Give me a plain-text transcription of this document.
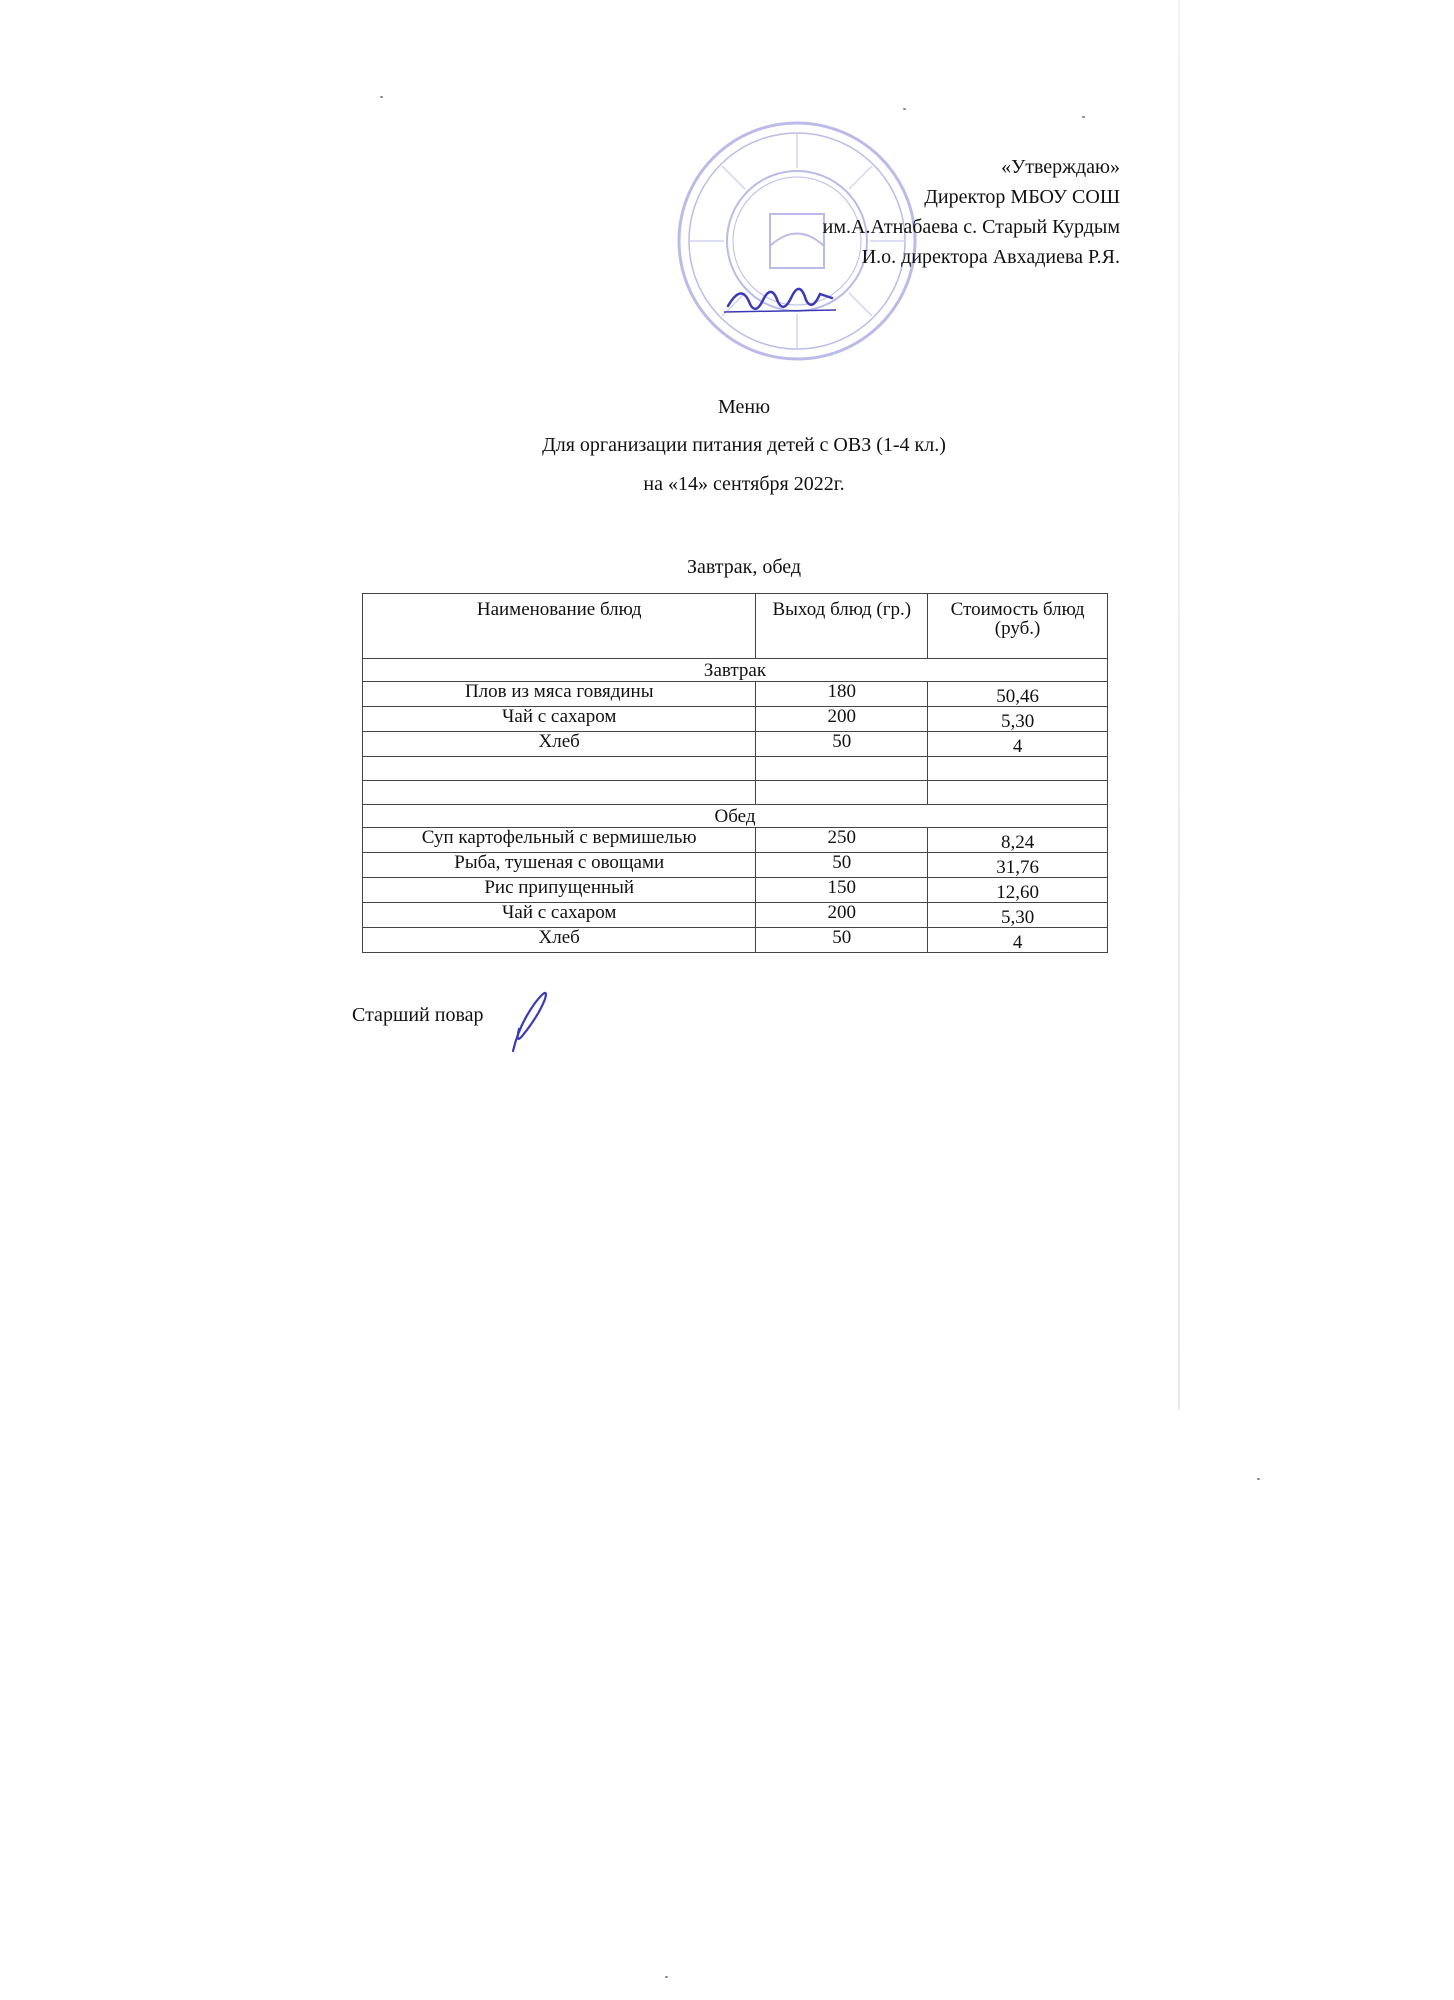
«Утверждаю»
Директор МБОУ СОШ
им.А.Атнабаева с. Старый Курдым
И.о. директора Авхадиева Р.Я.
Меню
Для организации питания детей с ОВЗ (1-4 кл.)
на «14» сентября 2022г.
Завтрак, обед
Наименование блюд	Выход блюд (гр.)	Стоимость блюд (руб.)
Завтрак		
Плов из мяса говядины	180	50,46
Чай с сахаром	200	5,30
Хлеб	50	4

Обед		
Суп картофельный с вермишелью	250	8,24
Рыба, тушеная с овощами	50	31,76
Рис припущенный	150	12,60
Чай с сахаром	200	5,30
Хлеб	50	4
Старший повар
